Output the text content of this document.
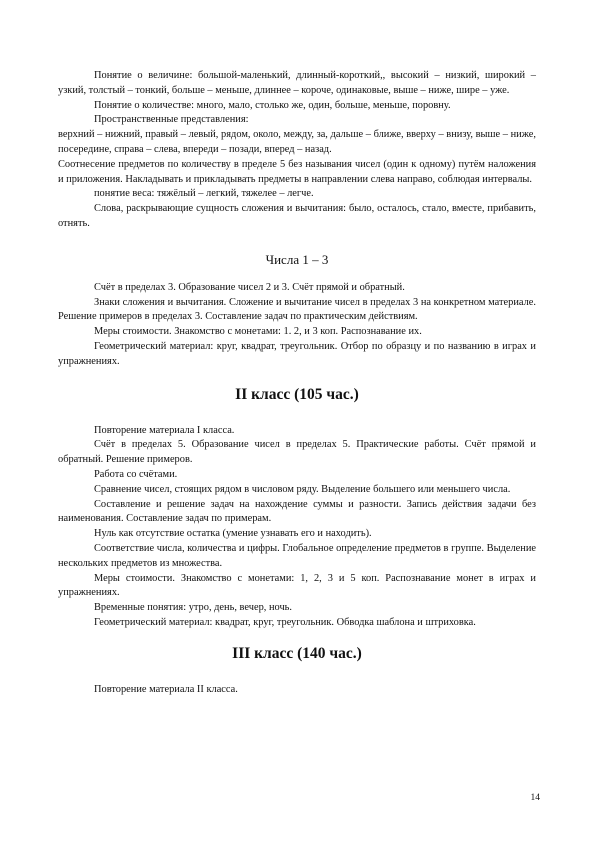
Понятие о величине: большой-маленький, длинный-короткий,, высокий – низкий, широкий – узкий, толстый – тонкий, больше – меньше, длиннее – короче, одинаковые, выше – ниже, шире – уже.

Понятие о количестве: много, мало, столько же, один, больше, меньше, поровну.

Пространственные представления:

верхний – нижний, правый – левый, рядом, около, между, за, дальше – ближе, вверху – внизу, выше – ниже, посередине, справа – слева, впереди – позади, вперед – назад.

Соотнесение предметов по количеству в пределе 5 без называния чисел (один к одному) путём наложения и приложения. Накладывать и прикладывать предметы в направлении слева направо, соблюдая интервалы.

понятие веса: тяжёлый – легкий, тяжелее – легче.

Слова, раскрывающие сущность сложения и вычитания: было, осталось, стало, вместе, прибавить, отнять.

Числа 1 – 3

Счёт в пределах 3. Образование чисел 2 и 3. Счёт прямой и обратный.

Знаки сложения и вычитания. Сложение и вычитание чисел в пределах 3 на конкретном материале. Решение примеров в пределах 3. Составление задач по практическим действиям.

Меры стоимости. Знакомство с монетами: 1. 2, и 3 коп. Распознавание их.

Геометрический материал: круг, квадрат, треугольник. Отбор по образцу и по названию в играх и упражнениях.

II класс (105 час.)

Повторение материала I класса.

Счёт в пределах 5. Образование чисел в пределах 5. Практические работы. Счёт прямой и обратный. Решение примеров.

Работа со счётами.

Сравнение чисел, стоящих рядом в числовом ряду. Выделение большего или меньшего числа.

Составление и решение задач на нахождение суммы и разности. Запись действия задачи без наименования. Составление задач по примерам.

Нуль как отсутствие остатка (умение узнавать его и находить).

Соответствие числа, количества и цифры. Глобальное определение предметов в группе. Выделение нескольких предметов из множества.

Меры стоимости. Знакомство с монетами: 1, 2, 3 и 5 коп. Распознавание монет в играх и упражнениях.

Временные понятия: утро, день, вечер, ночь.

Геометрический материал: квадрат, круг, треугольник. Обводка шаблона и штриховка.

III класс (140 час.)

Повторение материала II класса.

14
